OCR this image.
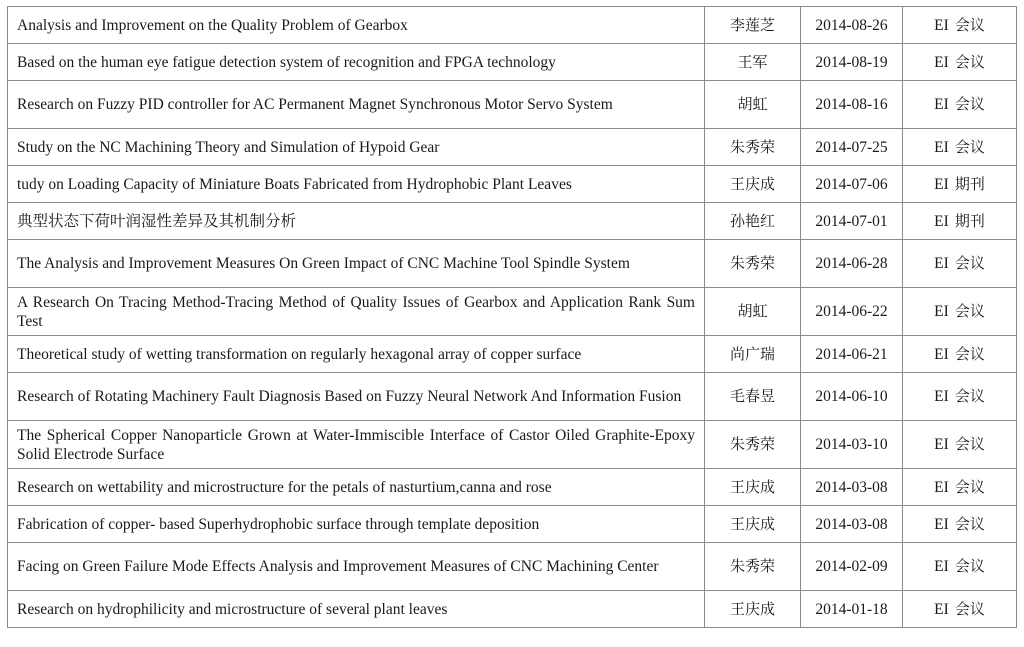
Analysis and Improvement on the Quality Problem of Gearbox	李莲芝	2014-08-26	EI 会议
Based on the human eye fatigue detection system of recognition and FPGA technology	王军	2014-08-19	EI 会议
Research on Fuzzy PID controller for AC Permanent Magnet Synchronous Motor Servo System	胡虹	2014-08-16	EI 会议
Study on the NC Machining Theory and Simulation of Hypoid Gear	朱秀荣	2014-07-25	EI 会议
tudy on Loading Capacity of Miniature Boats Fabricated from Hydrophobic Plant Leaves	王庆成	2014-07-06	EI 期刊
典型状态下荷叶润湿性差异及其机制分析	孙艳红	2014-07-01	EI 期刊
The Analysis and Improvement Measures On Green Impact of CNC Machine Tool Spindle System	朱秀荣	2014-06-28	EI 会议
A Research On Tracing Method-Tracing Method of Quality Issues of Gearbox and Application Rank Sum Test	胡虹	2014-06-22	EI 会议
Theoretical study of wetting transformation on regularly hexagonal array of copper surface	尚广瑞	2014-06-21	EI 会议
Research of Rotating Machinery Fault Diagnosis Based on Fuzzy Neural Network And Information Fusion	毛春昱	2014-06-10	EI 会议
The Spherical Copper Nanoparticle Grown at Water-Immiscible Interface of Castor Oiled Graphite-Epoxy Solid Electrode Surface	朱秀荣	2014-03-10	EI 会议
Research on wettability and microstructure for the petals of nasturtium,canna and rose	王庆成	2014-03-08	EI 会议
Fabrication of copper- based Superhydrophobic surface through template deposition	王庆成	2014-03-08	EI 会议
Facing on Green Failure Mode Effects Analysis and Improvement Measures of CNC Machining Center	朱秀荣	2014-02-09	EI 会议
Research on hydrophilicity and microstructure of several plant leaves	王庆成	2014-01-18	EI 会议
